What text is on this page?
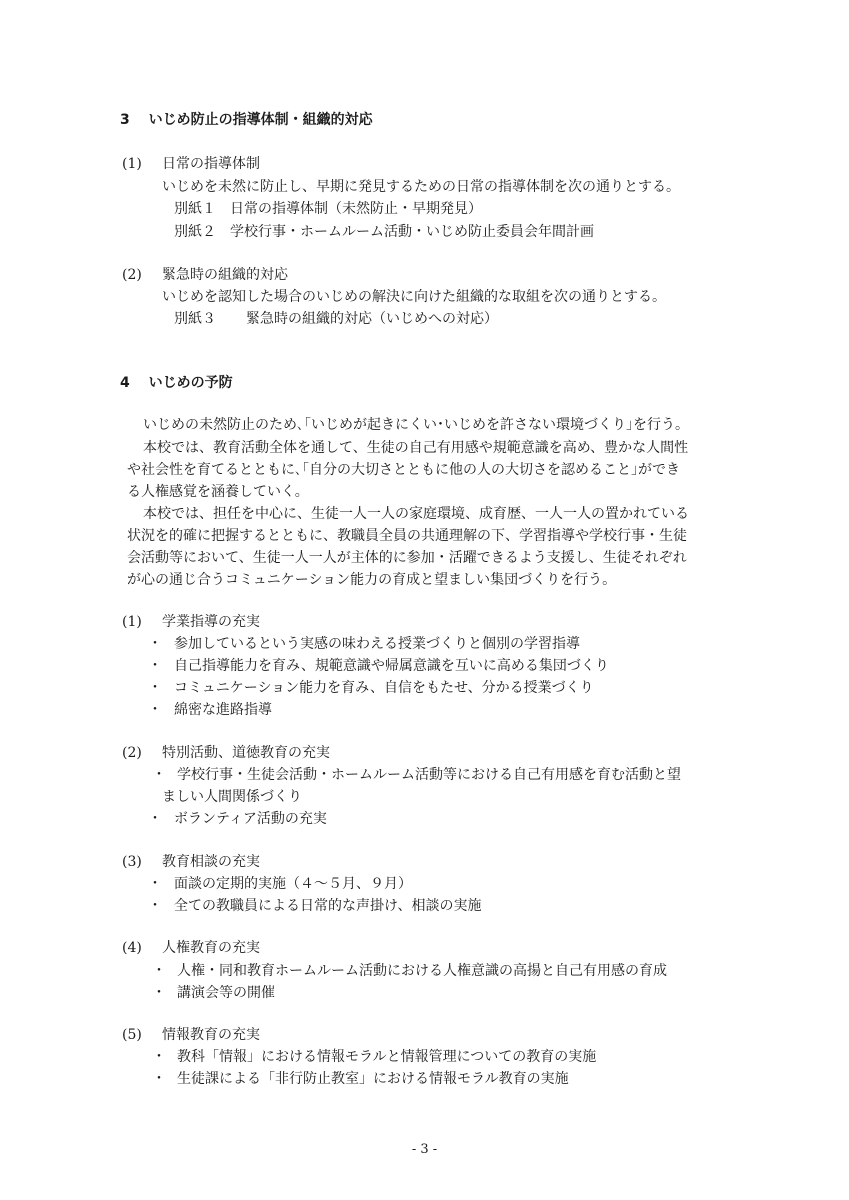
3 いじめ防止の指導体制・組織的対応
(1) 日常の指導体制
いじめを未然に防止し、早期に発見するための日常の指導体制を次の通りとする。
別紙１ 日常の指導体制（未然防止・早期発見）
別紙２ 学校行事・ホームルーム活動・いじめ防止委員会年間計画
(2) 緊急時の組織的対応
いじめを認知した場合のいじめの解決に向けた組織的な取組を次の通りとする。
別紙３ 緊急時の組織的対応（いじめへの対応）
4 いじめの予防
いじめの未然防止のため､｢いじめが起きにくい･いじめを許さない環境づくり｣を行う。
本校では、教育活動全体を通して、生徒の自己有用感や規範意識を高め、豊かな人間性
や社会性を育てるとともに､｢自分の大切さとともに他の人の大切さを認めること｣ができ
る人権感覚を涵養していく。
本校では、担任を中心に、生徒一人一人の家庭環境、成育歴、一人一人の置かれている
状況を的確に把握するとともに、教職員全員の共通理解の下、学習指導や学校行事・生徒
会活動等において、生徒一人一人が主体的に参加・活躍できるよう支援し、生徒それぞれ
が心の通じ合うコミュニケーション能力の育成と望ましい集団づくりを行う。
(1) 学業指導の充実
・ 参加しているという実感の味わえる授業づくりと個別の学習指導
・ 自己指導能力を育み、規範意識や帰属意識を互いに高める集団づくり
・ コミュニケーション能力を育み、自信をもたせ、分かる授業づくり
・ 綿密な進路指導
(2) 特別活動、道徳教育の充実
・ 学校行事・生徒会活動・ホームルーム活動等における自己有用感を育む活動と望
ましい人間関係づくり
・ ボランティア活動の充実
(3) 教育相談の充実
・ 面談の定期的実施（４～５月、９月）
・ 全ての教職員による日常的な声掛け、相談の実施
(4) 人権教育の充実
・ 人権・同和教育ホームルーム活動における人権意識の高揚と自己有用感の育成
・ 講演会等の開催
(5) 情報教育の充実
・ 教科「情報」における情報モラルと情報管理についての教育の実施
・ 生徒課による「非行防止教室」における情報モラル教育の実施
- 3 -
